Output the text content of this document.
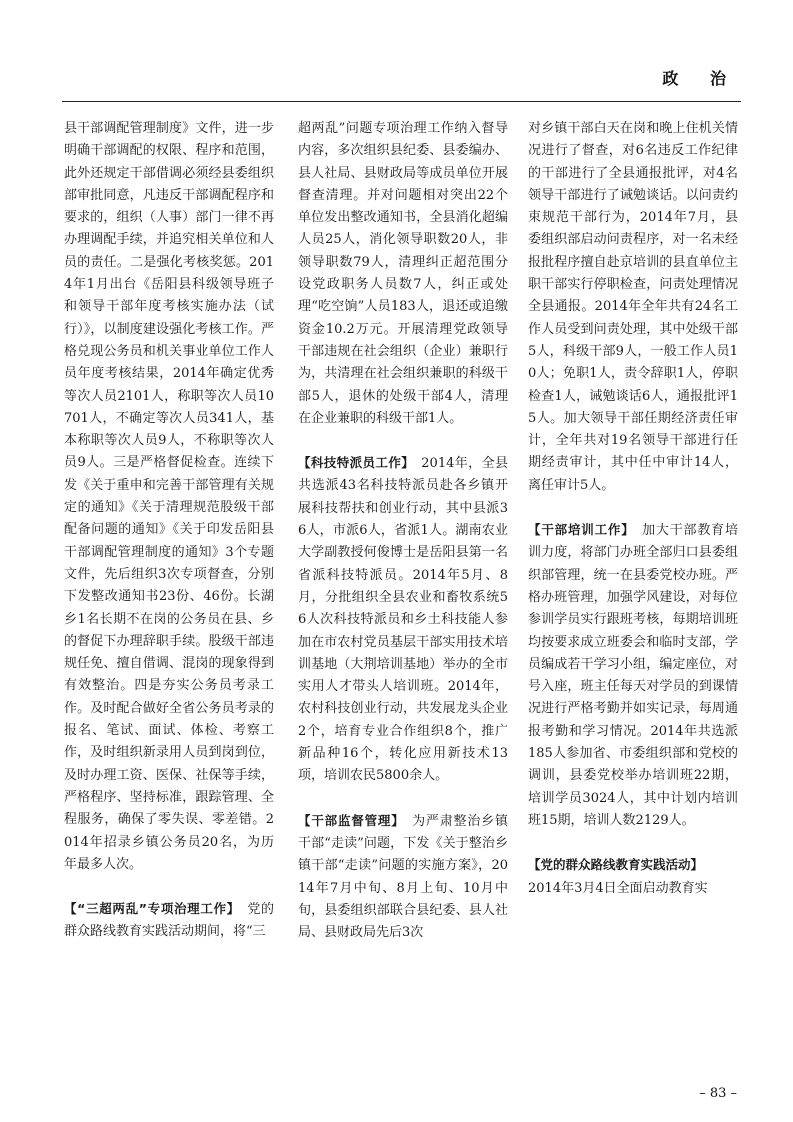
政 治

县干部调配管理制度》文件，进一步明确干部调配的权限、程序和范围，此外还规定干部借调必须经县委组织部审批同意，凡违反干部调配程序和要求的，组织（人事）部门一律不再办理调配手续，并追究相关单位和人员的责任。二是强化考核奖惩。2014年1月出台《岳阳县科级领导班子和领导干部年度考核实施办法（试行）》，以制度建设强化考核工作。严格兑现公务员和机关事业单位工作人员年度考核结果，2014年确定优秀等次人员2101人，称职等次人员10701人，不确定等次人员341人，基本称职等次人员9人，不称职等次人员9人。三是严格督促检查。连续下发《关于重申和完善干部管理有关规定的通知》《关于清理规范股级干部配备问题的通知》《关于印发岳阳县干部调配管理制度的通知》3个专题文件，先后组织3次专项督查，分别下发整改通知书23份、46份。长湖乡1名长期不在岗的公务员在县、乡的督促下办理辞职手续。股级干部违规任免、擅自借调、混岗的现象得到有效整治。四是夯实公务员考录工作。及时配合做好全省公务员考录的报名、笔试、面试、体检、考察工作，及时组织新录用人员到岗到位，及时办理工资、医保、社保等手续，严格程序、坚持标准，跟踪管理、全程服务，确保了零失误、零差错。2014年招录乡镇公务员20名，为历年最多人次。

【“三超两乱”专项治理工作】　 党的群众路线教育实践活动期间，将“三

超两乱”问题专项治理工作纳入督导内容，多次组织县纪委、县委编办、县人社局、县财政局等成员单位开展督查清理。并对问题相对突出22个单位发出整改通知书，全县消化超编人员25人，消化领导职数20人，非领导职数79人，清理纠正超范围分设党政职务人员数7人，纠正或处理“吃空饷”人员183人，退还或追缴资金10.2万元。开展清理党政领导干部违规在社会组织（企业）兼职行为，共清理在社会组织兼职的科级干部5人，退休的处级干部4人，清理在企业兼职的科级干部1人。

【科技特派员工作】　 2014年，全县共选派43名科技特派员赴各乡镇开展科技帮扶和创业行动，其中县派36人，市派6人，省派1人。湖南农业大学副教授何俊博士是岳阳县第一名省派科技特派员。2014年5月、8月，分批组织全县农业和畜牧系统56人次科技特派员和乡土科技能人参加在市农村党员基层干部实用技术培训基地（大荆培训基地）举办的全市实用人才带头人培训班。2014年，农村科技创业行动，共发展龙头企业2个，培育专业合作组织8个，推广新品种16个，转化应用新技术13项，培训农民5800余人。

【干部监督管理】　 为严肃整治乡镇干部“走读”问题，下发《关于整治乡镇干部“走读”问题的实施方案》，2014年7月中旬、8月上旬、10月中旬，县委组织部联合县纪委、县人社局、县财政局先后3次

对乡镇干部白天在岗和晚上住机关情况进行了督查，对6名违反工作纪律的干部进行了全县通报批评，对4名领导干部进行了诫勉谈话。以问责约束规范干部行为，2014年7月，县委组织部启动问责程序，对一名未经报批程序擅自赴京培训的县直单位主职干部实行停职检查，问责处理情况全县通报。2014年全年共有24名工作人员受到问责处理，其中处级干部5人，科级干部9人，一般工作人员10人；免职1人，责令辞职1人，停职检查1人，诫勉谈话6人，通报批评15人。加大领导干部任期经济责任审计，全年共对19名领导干部进行任期经责审计，其中任中审计14人，离任审计5人。

【干部培训工作】　 加大干部教育培训力度，将部门办班全部归口县委组织部管理，统一在县委党校办班。严格办班管理，加强学风建设，对每位参训学员实行跟班考核，每期培训班均按要求成立班委会和临时支部，学员编成若干学习小组，编定座位，对号入座，班主任每天对学员的到课情况进行严格考勤并如实记录，每周通报考勤和学习情况。2014年共选派185人参加省、市委组织部和党校的调训，县委党校举办培训班22期，培训学员3024人，其中计划内培训班15期，培训人数2129人。

【党的群众路线教育实践活动】
2014年3月4日全面启动教育实

– 83 –
